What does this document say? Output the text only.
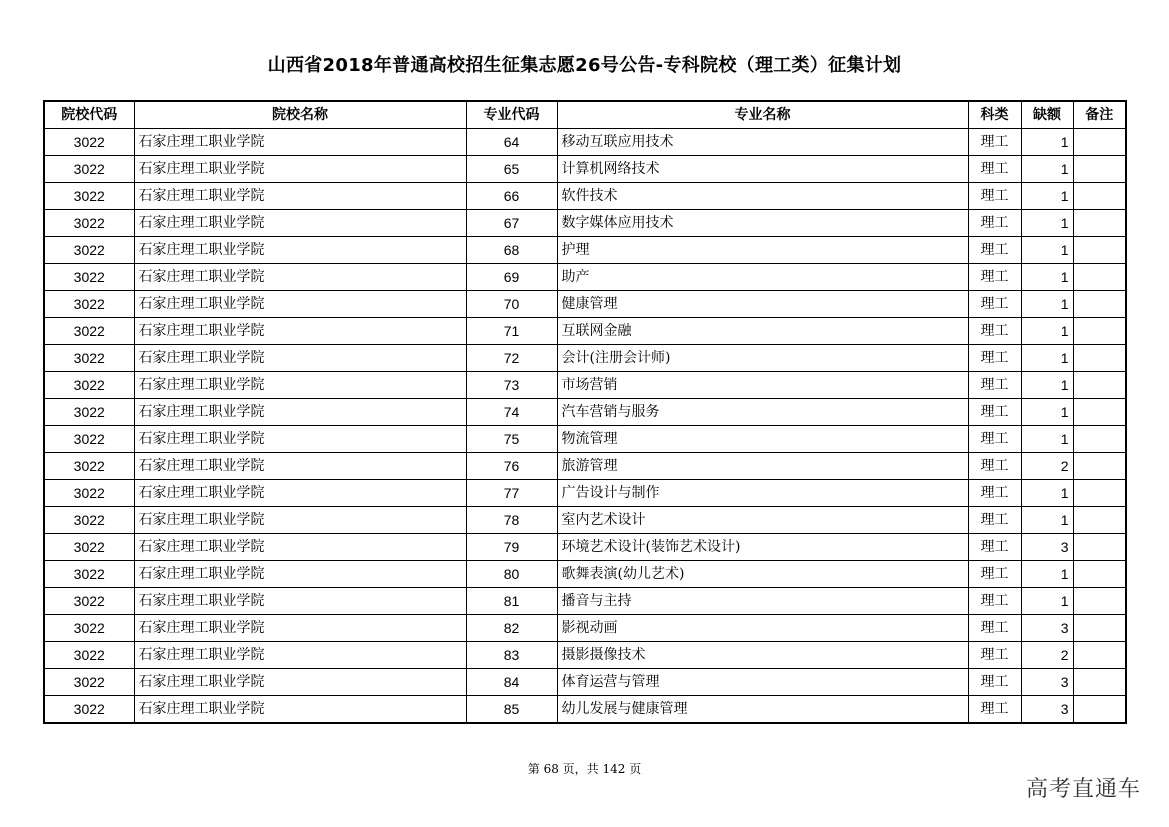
山西省2018年普通高校招生征集志愿26号公告-专科院校（理工类）征集计划
院校代码	院校名称	专业代码	专业名称	科类	缺额	备注
3022	石家庄理工职业学院	64	移动互联应用技术	理工	1	
3022	石家庄理工职业学院	65	计算机网络技术	理工	1	
3022	石家庄理工职业学院	66	软件技术	理工	1	
3022	石家庄理工职业学院	67	数字媒体应用技术	理工	1	
3022	石家庄理工职业学院	68	护理	理工	1	
3022	石家庄理工职业学院	69	助产	理工	1	
3022	石家庄理工职业学院	70	健康管理	理工	1	
3022	石家庄理工职业学院	71	互联网金融	理工	1	
3022	石家庄理工职业学院	72	会计(注册会计师)	理工	1	
3022	石家庄理工职业学院	73	市场营销	理工	1	
3022	石家庄理工职业学院	74	汽车营销与服务	理工	1	
3022	石家庄理工职业学院	75	物流管理	理工	1	
3022	石家庄理工职业学院	76	旅游管理	理工	2	
3022	石家庄理工职业学院	77	广告设计与制作	理工	1	
3022	石家庄理工职业学院	78	室内艺术设计	理工	1	
3022	石家庄理工职业学院	79	环境艺术设计(装饰艺术设计)	理工	3	
3022	石家庄理工职业学院	80	歌舞表演(幼儿艺术)	理工	1	
3022	石家庄理工职业学院	81	播音与主持	理工	1	
3022	石家庄理工职业学院	82	影视动画	理工	3	
3022	石家庄理工职业学院	83	摄影摄像技术	理工	2	
3022	石家庄理工职业学院	84	体育运营与管理	理工	3	
3022	石家庄理工职业学院	85	幼儿发展与健康管理	理工	3	
第 68 页，共 142 页
高考直通车
